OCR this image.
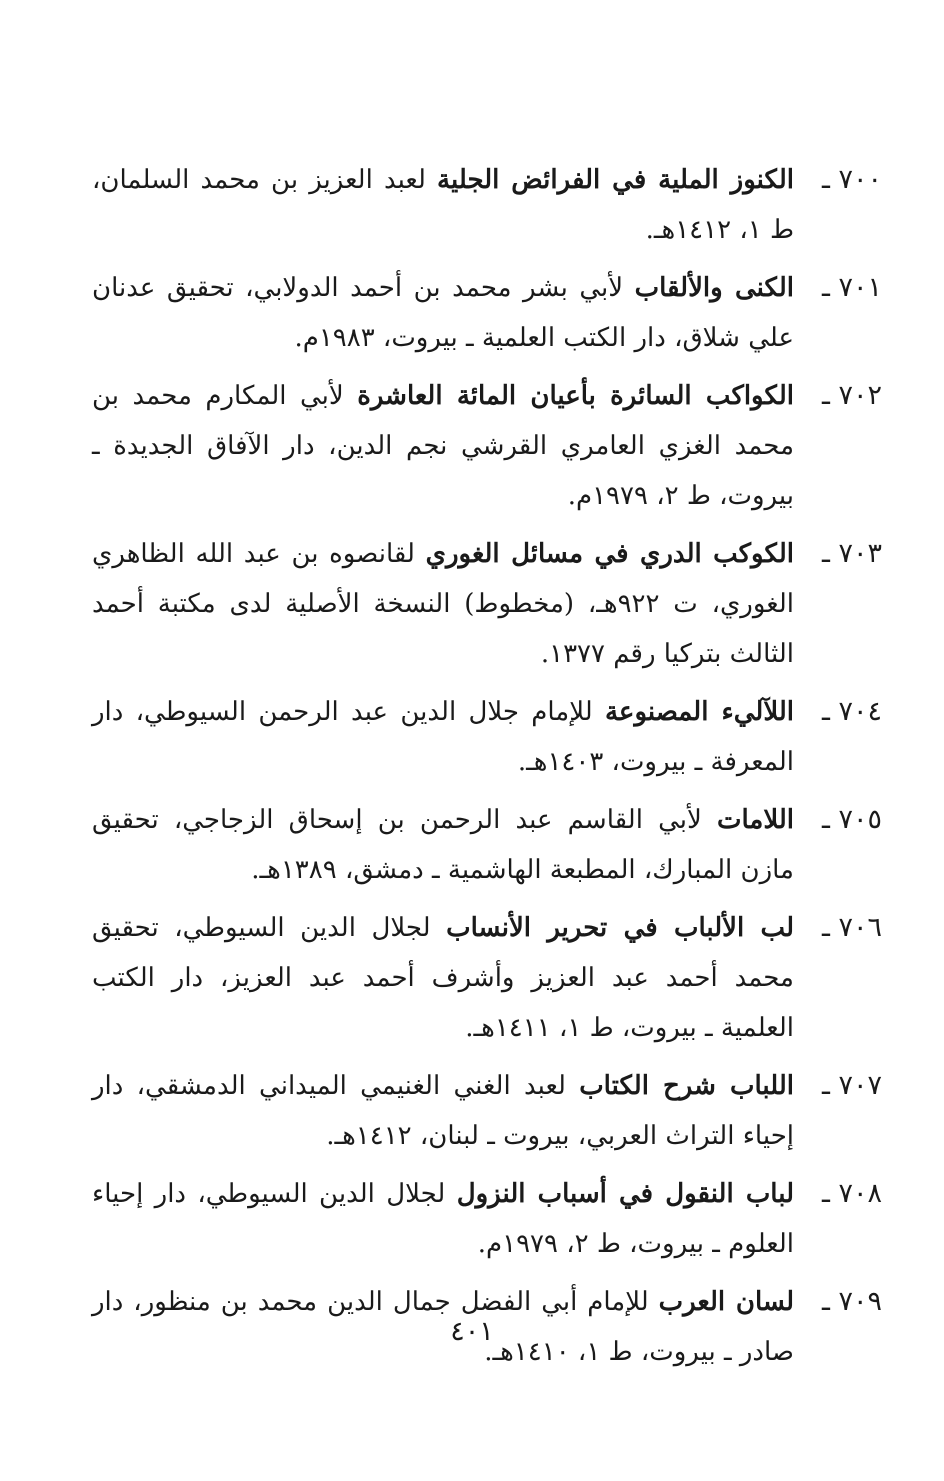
٧٠٠ ـ
الكنوز الملية في الفرائض الجلية لعبد العزيز بن محمد السلمان، ط ١، ١٤١٢هـ.
٧٠١ ـ
الكنى والألقاب لأبي بشر محمد بن أحمد الدولابي، تحقيق عدنان علي شلاق، دار الكتب العلمية ـ بيروت، ١٩٨٣م.
٧٠٢ ـ
الكواكب السائرة بأعيان المائة العاشرة لأبي المكارم محمد بن محمد الغزي العامري القرشي نجم الدين، دار الآفاق الجديدة ـ بيروت، ط ٢، ١٩٧٩م.
٧٠٣ ـ
الكوكب الدري في مسائل الغوري لقانصوه بن عبد الله الظاهري الغوري، ت ٩٢٢هـ، (مخطوط) النسخة الأصلية لدى مكتبة أحمد الثالث بتركيا رقم ١٣٧٧.
٧٠٤ ـ
اللآليء المصنوعة للإمام جلال الدين عبد الرحمن السيوطي، دار المعرفة ـ بيروت، ١٤٠٣هـ.
٧٠٥ ـ
اللامات لأبي القاسم عبد الرحمن بن إسحاق الزجاجي، تحقيق مازن المبارك، المطبعة الهاشمية ـ دمشق، ١٣٨٩هـ.
٧٠٦ ـ
لب الألباب في تحرير الأنساب لجلال الدين السيوطي، تحقيق محمد أحمد عبد العزيز وأشرف أحمد عبد العزيز، دار الكتب العلمية ـ بيروت، ط ١، ١٤١١هـ.
٧٠٧ ـ
اللباب شرح الكتاب لعبد الغني الغنيمي الميداني الدمشقي، دار إحياء التراث العربي، بيروت ـ لبنان، ١٤١٢هـ.
٧٠٨ ـ
لباب النقول في أسباب النزول لجلال الدين السيوطي، دار إحياء العلوم ـ بيروت، ط ٢، ١٩٧٩م.
٧٠٩ ـ
لسان العرب للإمام أبي الفضل جمال الدين محمد بن منظور، دار صادر ـ بيروت، ط ١، ١٤١٠هـ.
٤٠١
